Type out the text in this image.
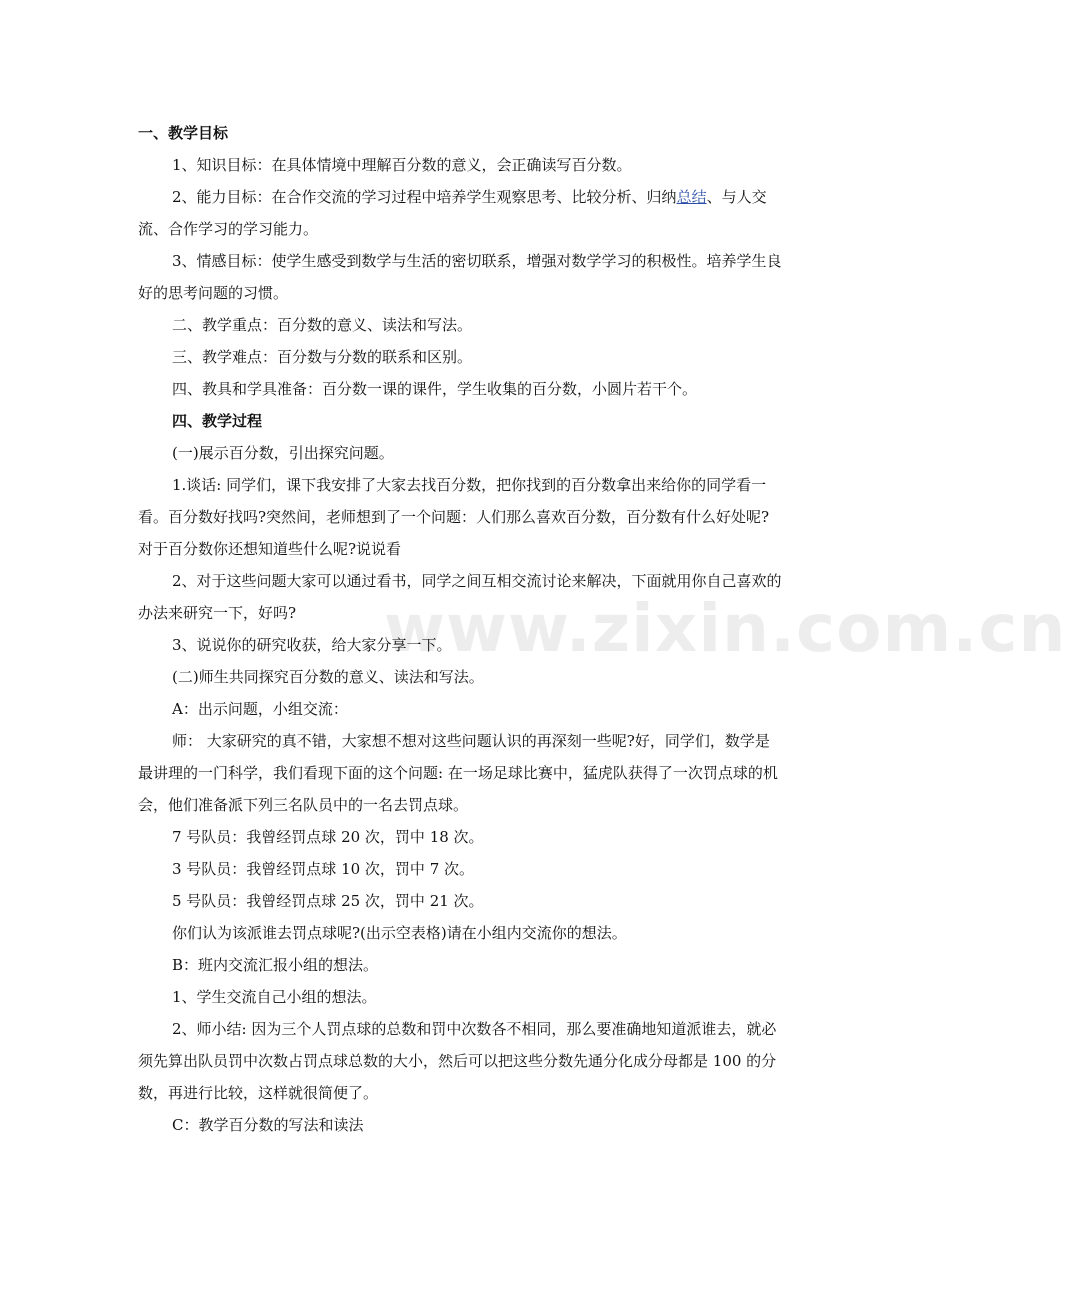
www.zixin.com.cn

一、教学目标

1、知识目标：在具体情境中理解百分数的意义，会正确读写百分数。

2、能力目标：在合作交流的学习过程中培养学生观察思考、比较分析、归纳总结、与人交流、合作学习的学习能力。

3、情感目标：使学生感受到数学与生活的密切联系，增强对数学学习的积极性。培养学生良好的思考问题的习惯。

二、教学重点：百分数的意义、读法和写法。

三、教学难点：百分数与分数的联系和区别。

四、教具和学具准备：百分数一课的课件，学生收集的百分数，小圆片若干个。

四、教学过程

(一)展示百分数，引出探究问题。

1.谈话: 同学们，课下我安排了大家去找百分数，把你找到的百分数拿出来给你的同学看一看。百分数好找吗?突然间，老师想到了一个问题：人们那么喜欢百分数，百分数有什么好处呢?对于百分数你还想知道些什么呢?说说看

2、对于这些问题大家可以通过看书，同学之间互相交流讨论来解决，下面就用你自己喜欢的办法来研究一下，好吗?

3、说说你的研究收获，给大家分享一下。

(二)师生共同探究百分数的意义、读法和写法。

A：出示问题，小组交流：

师： 大家研究的真不错，大家想不想对这些问题认识的再深刻一些呢?好，同学们，数学是最讲理的一门科学，我们看现下面的这个问题: 在一场足球比赛中，猛虎队获得了一次罚点球的机会，他们准备派下列三名队员中的一名去罚点球。

7 号队员：我曾经罚点球 20 次，罚中 18 次。

3 号队员：我曾经罚点球 10 次，罚中 7 次。

5 号队员：我曾经罚点球 25 次，罚中 21 次。

你们认为该派谁去罚点球呢?(出示空表格)请在小组内交流你的想法。

B：班内交流汇报小组的想法。

1、学生交流自己小组的想法。

2、师小结: 因为三个人罚点球的总数和罚中次数各不相同，那么要准确地知道派谁去，就必须先算出队员罚中次数占罚点球总数的大小，然后可以把这些分数先通分化成分母都是 100 的分数，再进行比较，这样就很简便了。

C：教学百分数的写法和读法
